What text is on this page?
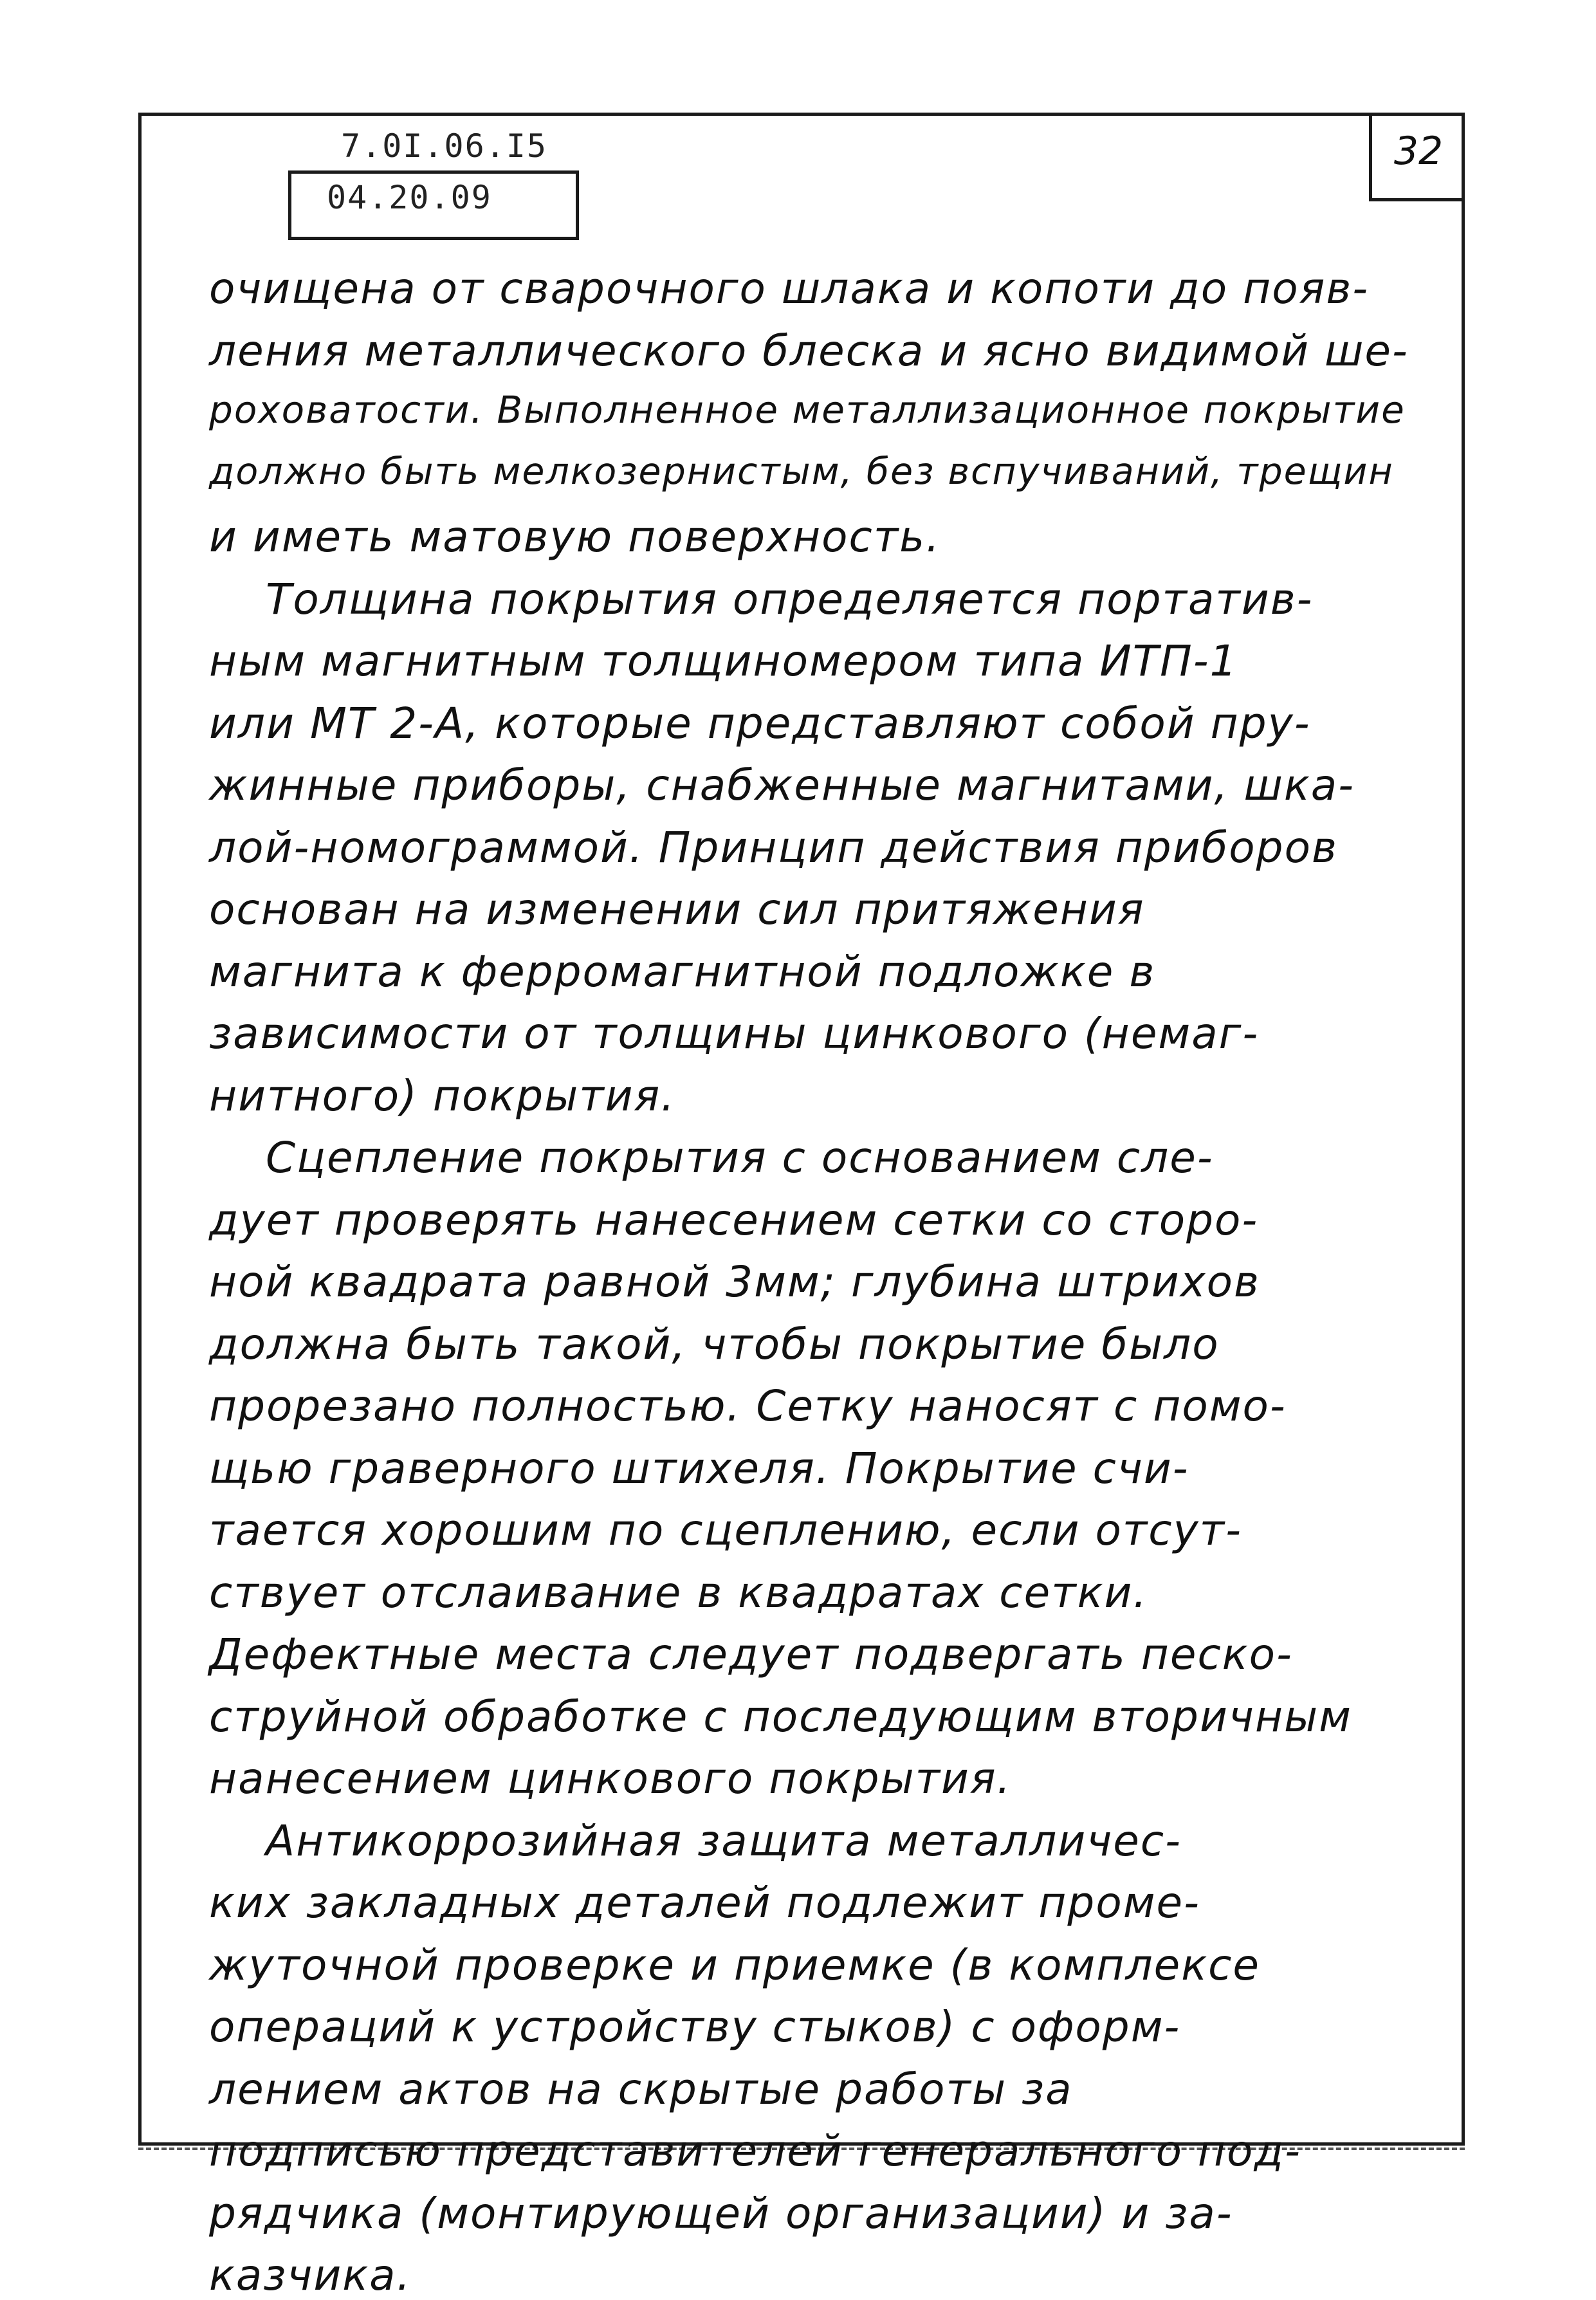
7.0I.06.I5
04.20.09
32
очищена от сварочного шлака и копоти до появ-
ления металлического блеска и ясно видимой ше-
роховатости. Выполненное металлизационное покрытие
должно быть мелкозернистым, без вспучиваний, трещин
и иметь матовую поверхность.
Толщина покрытия определяется портатив-
ным магнитным толщиномером типа ИТП-1
или МТ 2-А, которые представляют собой пру-
жинные приборы, снабженные магнитами, шка-
лой-номограммой. Принцип действия приборов
основан на изменении сил притяжения
магнита к ферромагнитной подложке в
зависимости от толщины цинкового (немаг-
нитного) покрытия.
Сцепление покрытия с основанием сле-
дует проверять нанесением сетки со сторо-
ной квадрата равной 3мм; глубина штрихов
должна быть такой, чтобы покрытие было
прорезано полностью. Сетку наносят с помо-
щью граверного штихеля. Покрытие счи-
тается хорошим по сцеплению, если отсут-
ствует отслаивание в квадратах сетки.
Дефектные места следует подвергать песко-
струйной обработке с последующим вторичным
нанесением цинкового покрытия.
Антикоррозийная защита металличес-
ких закладных деталей подлежит проме-
жуточной проверке и приемке (в комплексе
операций к устройству стыков) с оформ-
лением актов на скрытые работы за
подписью представителей генерального под-
рядчика (монтирующей организации) и за-
казчика.
